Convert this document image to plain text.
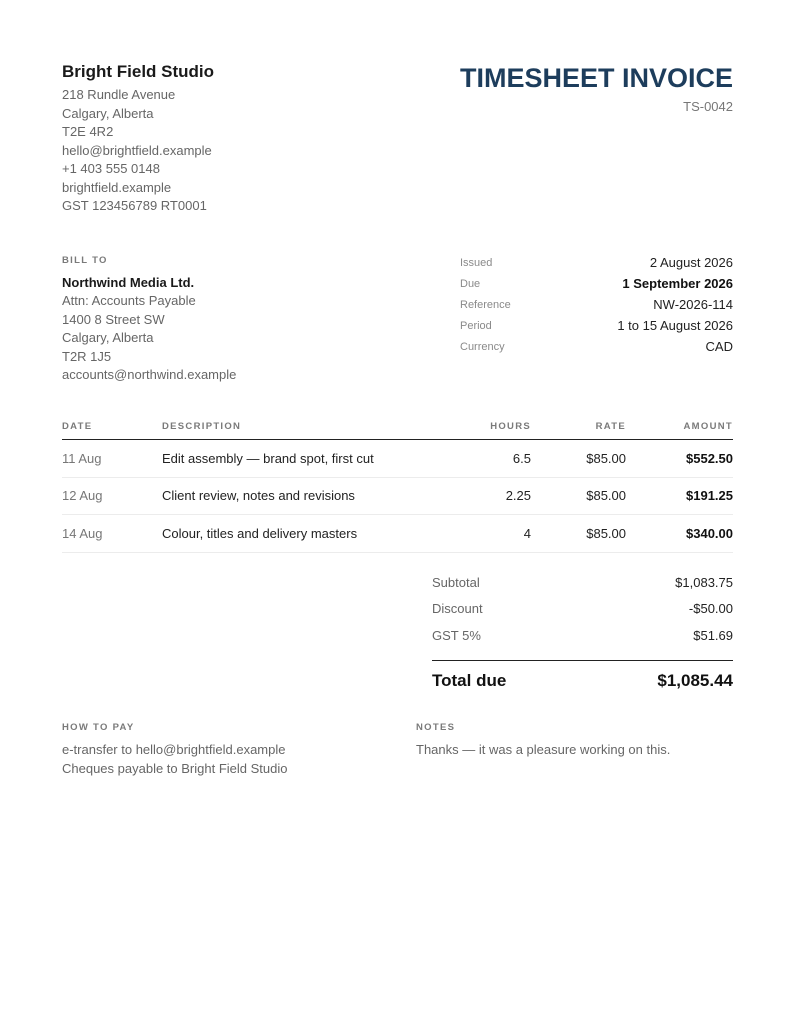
Bright Field Studio
218 Rundle Avenue
Calgary, Alberta
T2E 4R2
hello@brightfield.example
+1 403 555 0148
brightfield.example
GST 123456789 RT0001
TIMESHEET INVOICE
TS-0042
BILL TO
Northwind Media Ltd.
Attn: Accounts Payable
1400 8 Street SW
Calgary, Alberta
T2R 1J5
accounts@northwind.example
Issued	2 August 2026
Due	1 September 2026
Reference	NW-2026-114
Period	1 to 15 August 2026
Currency	CAD
DATE	DESCRIPTION	HOURS	RATE	AMOUNT
11 Aug	Edit assembly — brand spot, first cut	6.5	$85.00	$552.50
12 Aug	Client review, notes and revisions	2.25	$85.00	$191.25
14 Aug	Colour, titles and delivery masters	4	$85.00	$340.00
Subtotal	$1,083.75
Discount	-$50.00
GST 5%	$51.69
Total due	$1,085.44
HOW TO PAY
e-transfer to hello@brightfield.example
Cheques payable to Bright Field Studio
NOTES
Thanks — it was a pleasure working on this.
